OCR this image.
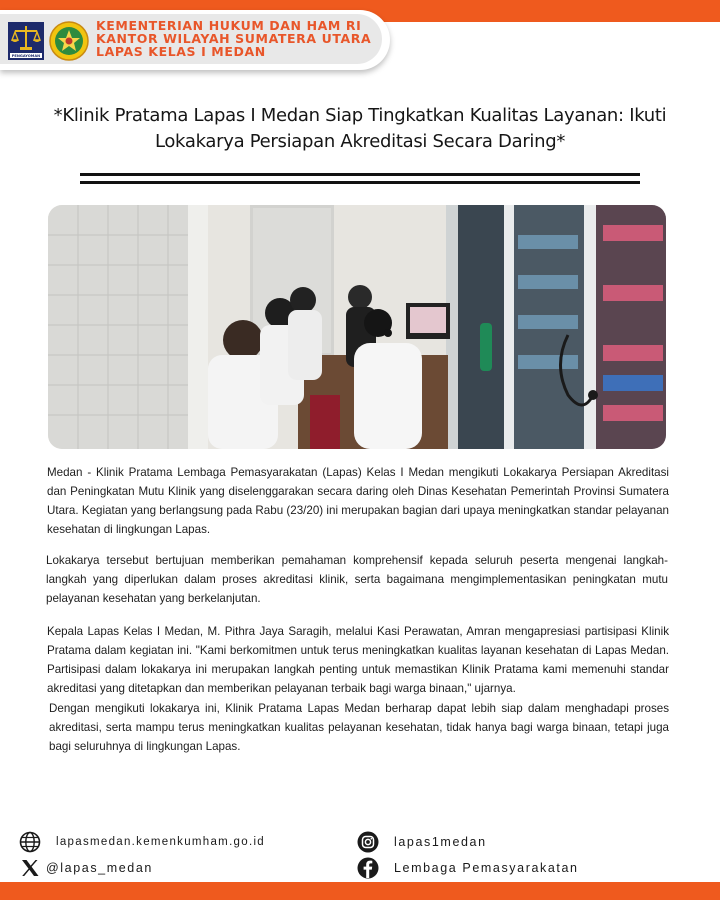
PENGAYOMAN
KEMENTERIAN HUKUM DAN HAM RI
KANTOR WILAYAH SUMATERA UTARA
LAPAS KELAS I MEDAN
*Klinik Pratama Lapas I Medan Siap Tingkatkan Kualitas Layanan: Ikuti
Lokakarya Persiapan Akreditasi Secara Daring*

Medan - Klinik Pratama Lembaga Pemasyarakatan (Lapas) Kelas I Medan mengikuti Lokakarya Persiapan Akreditasi dan Peningkatan Mutu Klinik yang diselenggarakan secara daring oleh Dinas Kesehatan Pemerintah Provinsi Sumatera Utara. Kegiatan yang berlangsung pada Rabu (23/20) ini merupakan bagian dari upaya meningkatkan standar pelayanan kesehatan di lingkungan Lapas.

Lokakarya tersebut bertujuan memberikan pemahaman komprehensif kepada seluruh peserta mengenai langkah-langkah yang diperlukan dalam proses akreditasi klinik, serta bagaimana mengimplementasikan peningkatan mutu pelayanan kesehatan yang berkelanjutan.

Kepala Lapas Kelas I Medan, M. Pithra Jaya Saragih, melalui Kasi Perawatan, Amran mengapresiasi partisipasi Klinik Pratama dalam kegiatan ini. "Kami berkomitmen untuk terus meningkatkan kualitas layanan kesehatan di Lapas Medan. Partisipasi dalam lokakarya ini merupakan langkah penting untuk memastikan Klinik Pratama kami memenuhi standar akreditasi yang ditetapkan dan memberikan pelayanan terbaik bagi warga binaan," ujarnya.

Dengan mengikuti lokakarya ini, Klinik Pratama Lapas Medan berharap dapat lebih siap dalam menghadapi proses akreditasi, serta mampu terus meningkatkan kualitas pelayanan kesehatan, tidak hanya bagi warga binaan, tetapi juga bagi seluruhnya di lingkungan Lapas.

lapasmedan.kemenkumham.go.id
@lapas_medan
lapas1medan
Lembaga Pemasyarakatan
